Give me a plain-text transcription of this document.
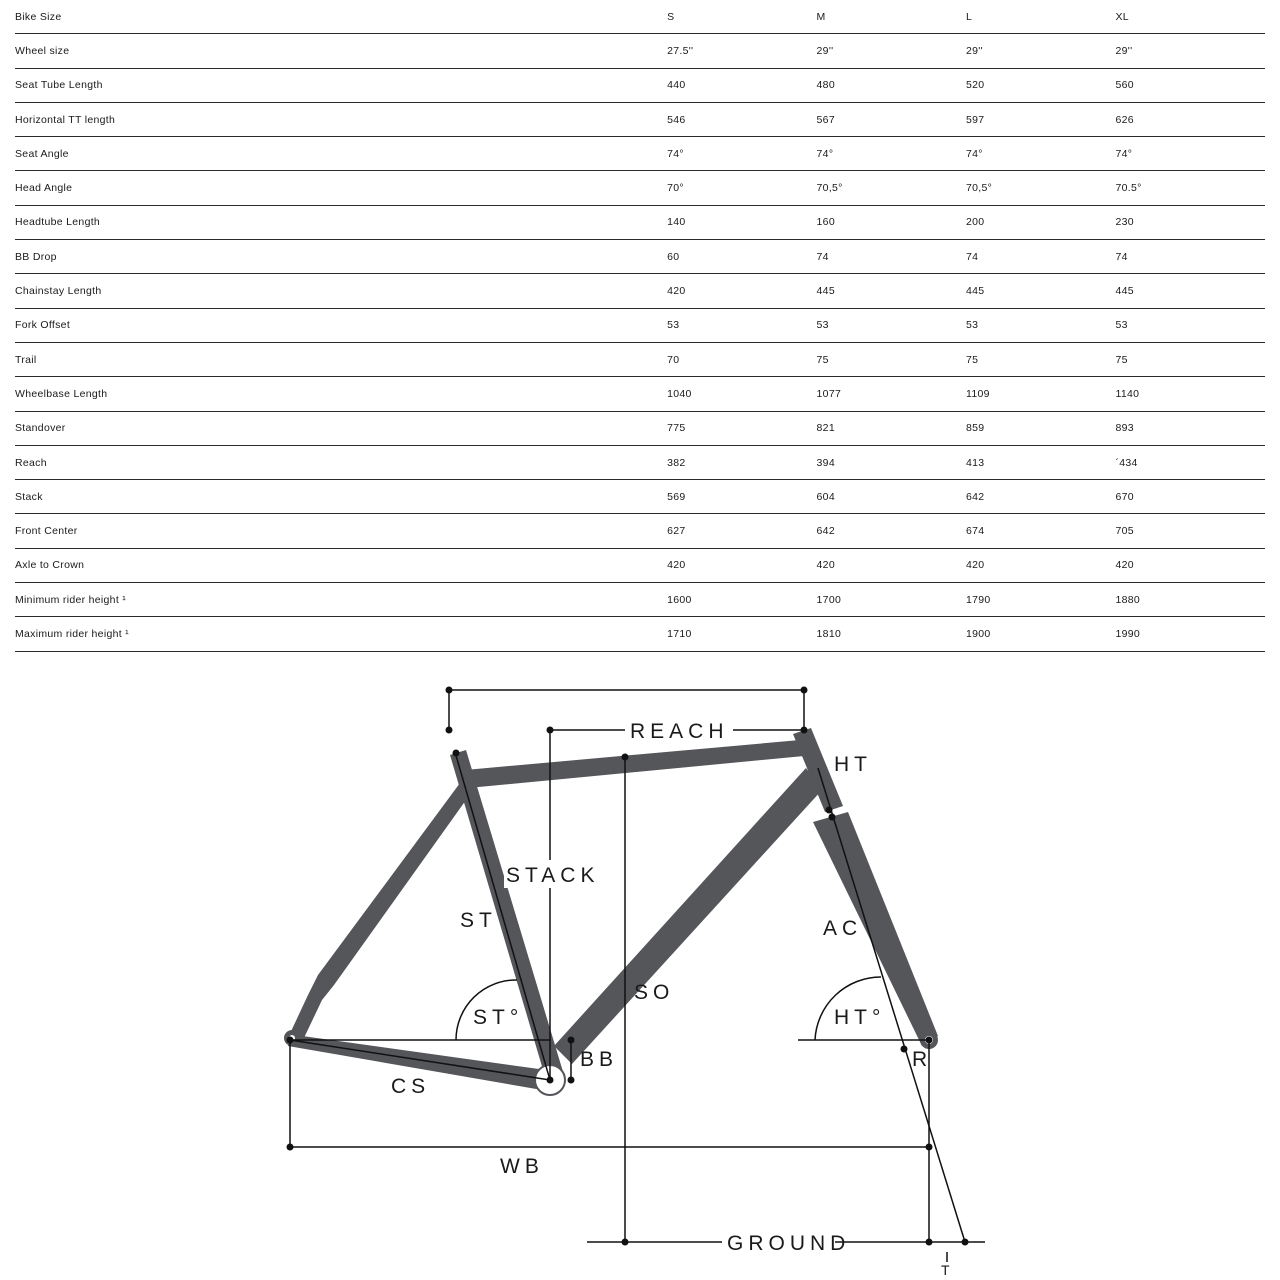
Bike Size	S	M	L	XL
Wheel size	27.5''	29''	29''	29''
Seat Tube Length	440	480	520	560
Horizontal TT length	546	567	597	626
Seat Angle	74°	74°	74°	74°
Head Angle	70°	70,5°	70,5°	70.5°
Headtube Length	140	160	200	230
BB Drop	60	74	74	74
Chainstay Length	420	445	445	445
Fork Offset	53	53	53	53
Trail	70	75	75	75
Wheelbase Length	1040	1077	1109	1140
Standover	775	821	859	893
Reach	382	394	413	´434
Stack	569	604	642	670
Front Center	627	642	674	705
Axle to Crown	420	420	420	420
Minimum rider height ¹	1600	1700	1790	1880
Maximum rider height ¹	1710	1810	1900	1990
REACH
HT
STACK
ST	AC
SO
ST°	HT°
BB	R
CS
WB
GROUND
T
